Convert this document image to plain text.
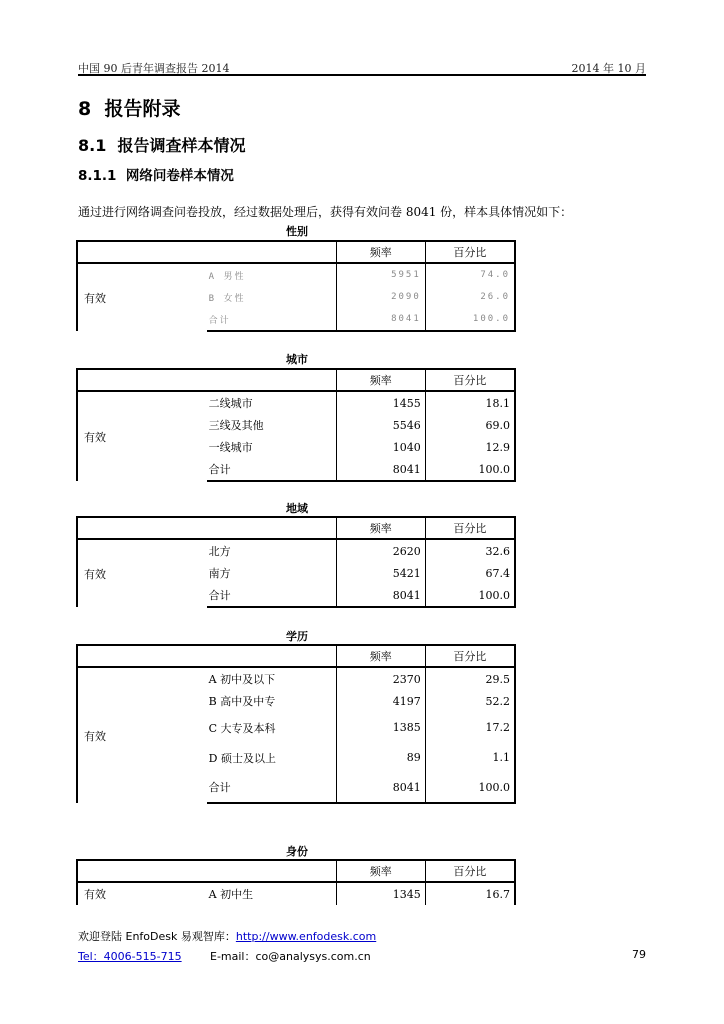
中国 90 后青年调查报告 2014	2014 年 10 月
8  报告附录
8.1  报告调查样本情况
8.1.1  网络问卷样本情况
通过进行网络调查问卷投放，经过数据处理后，获得有效问卷 8041 份，样本具体情况如下：
性别
		频率	百分比
有效	A 男性	5951	74.0
	B 女性	2090	26.0
	合计	8041	100.0
城市
		频率	百分比
有效	二线城市	1455	18.1
	三线及其他	5546	69.0
	一线城市	1040	12.9
	合计	8041	100.0
地域
		频率	百分比
有效	北方	2620	32.6
	南方	5421	67.4
	合计	8041	100.0
学历
		频率	百分比
有效	A 初中及以下	2370	29.5
	B 高中及中专	4197	52.2
	C 大专及本科	1385	17.2
	D 硕士及以上	89	1.1
	合计	8041	100.0
身份
		频率	百分比
有效	A 初中生	1345	16.7
欢迎登陆 EnfoDesk 易观智库：http://www.enfodesk.com
Tel：4006-515-715	E-mail：co@analysys.com.cn	79
